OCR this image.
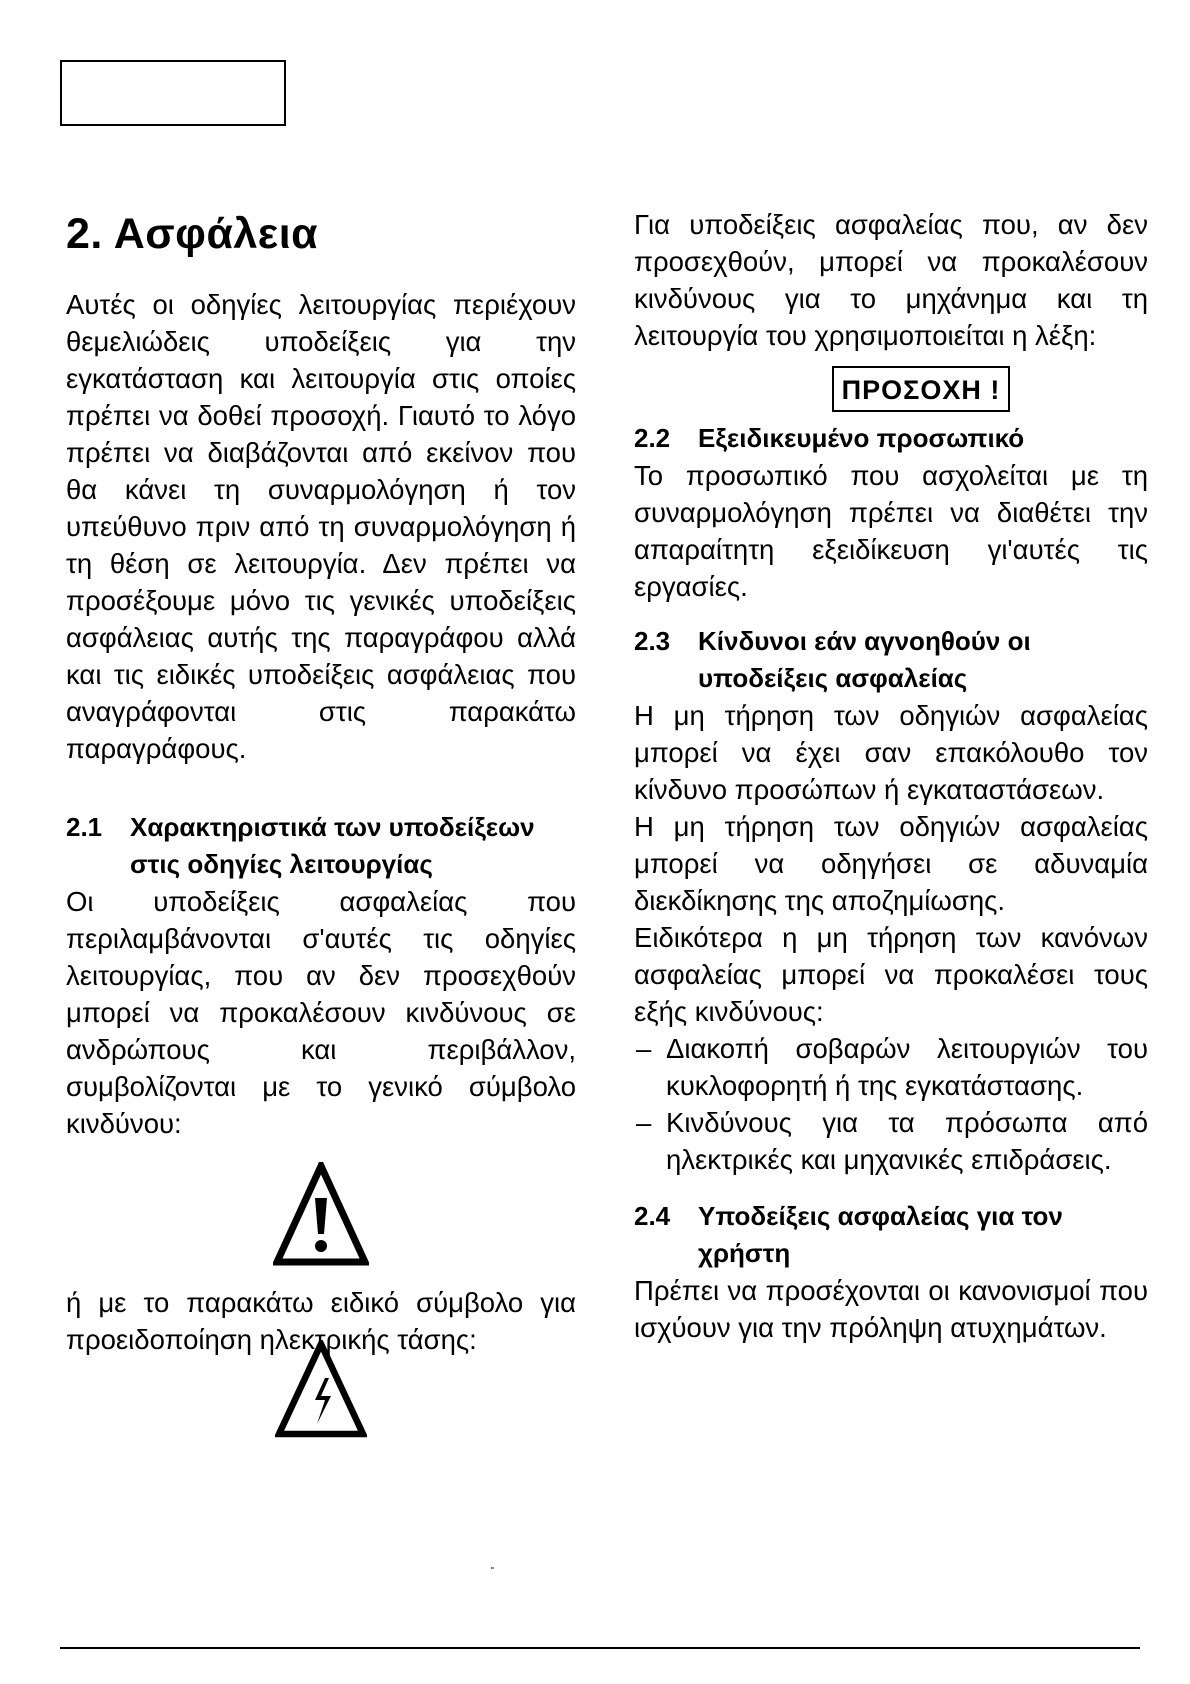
2. Ασφάλεια

Αυτές οι οδηγίες λειτουργίας περιέχουν θεμελιώδεις υποδείξεις για την εγκατάσταση και λειτουργία στις οποίες πρέπει να δοθεί προσοχή. Γιαυτό το λόγο πρέπει να διαβάζονται από εκείνον που θα κάνει τη συναρμολόγηση ή τον υπεύθυνο πριν από τη συναρμολόγηση ή τη θέση σε λειτουργία. Δεν πρέπει να προσέξουμε μόνο τις γενικές υποδείξεις ασφάλειας αυτής της παραγράφου αλλά και τις ειδικές υποδείξεις ασφάλειας που αναγράφονται στις παρακάτω παραγράφους.

2.1	Χαρακτηριστικά των υποδείξεων στις οδηγίες λειτουργίας

Οι υποδείξεις ασφαλείας που περιλαμβάνονται σ'αυτές τις οδηγίες λειτουργίας, που αν δεν προσεχθούν μπορεί να προκαλέσουν κινδύνους σε ανδρώπους και περιβάλλον, συμβολίζονται με το γενικό σύμβολο κινδύνου:

ή με το παρακάτω ειδικό σύμβολο για προειδοποίηση ηλεκτρικής τάσης:

Για υποδείξεις ασφαλείας που, αν δεν προσεχθούν, μπορεί να προκαλέσουν κινδύνους για το μηχάνημα και τη λειτουργία του χρησιμοποιείται η λέξη:

ΠΡΟΣΟΧΗ !
2.2	Εξειδικευμένο προσωπικό

Το προσωπικό που ασχολείται με τη συναρμολόγηση πρέπει να διαθέτει την απαραίτητη εξειδίκευση γι'αυτές τις εργασίες.

2.3	Κίνδυνοι εάν αγνοηθούν οι υποδείξεις ασφαλείας

Η μη τήρηση των οδηγιών ασφαλείας μπορεί να έχει σαν επακόλουθο τον κίνδυνο προσώπων ή εγκαταστάσεων.

Η μη τήρηση των οδηγιών ασφαλείας μπορεί να οδηγήσει σε αδυναμία διεκδίκησης της αποζημίωσης.

Ειδικότερα η μη τήρηση των κανόνων ασφαλείας μπορεί να προκαλέσει τους εξής κινδύνους:

– Διακοπή σοβαρών λειτουργιών του κυκλοφορητή ή της εγκατάστασης.
– Κινδύνους για τα πρόσωπα από ηλεκτρικές και μηχανικές επιδράσεις.
2.4	Υποδείξεις ασφαλείας για τον χρήστη

Πρέπει να προσέχονται οι κανονισμοί που ισχύουν για την πρόληψη ατυχημάτων.
